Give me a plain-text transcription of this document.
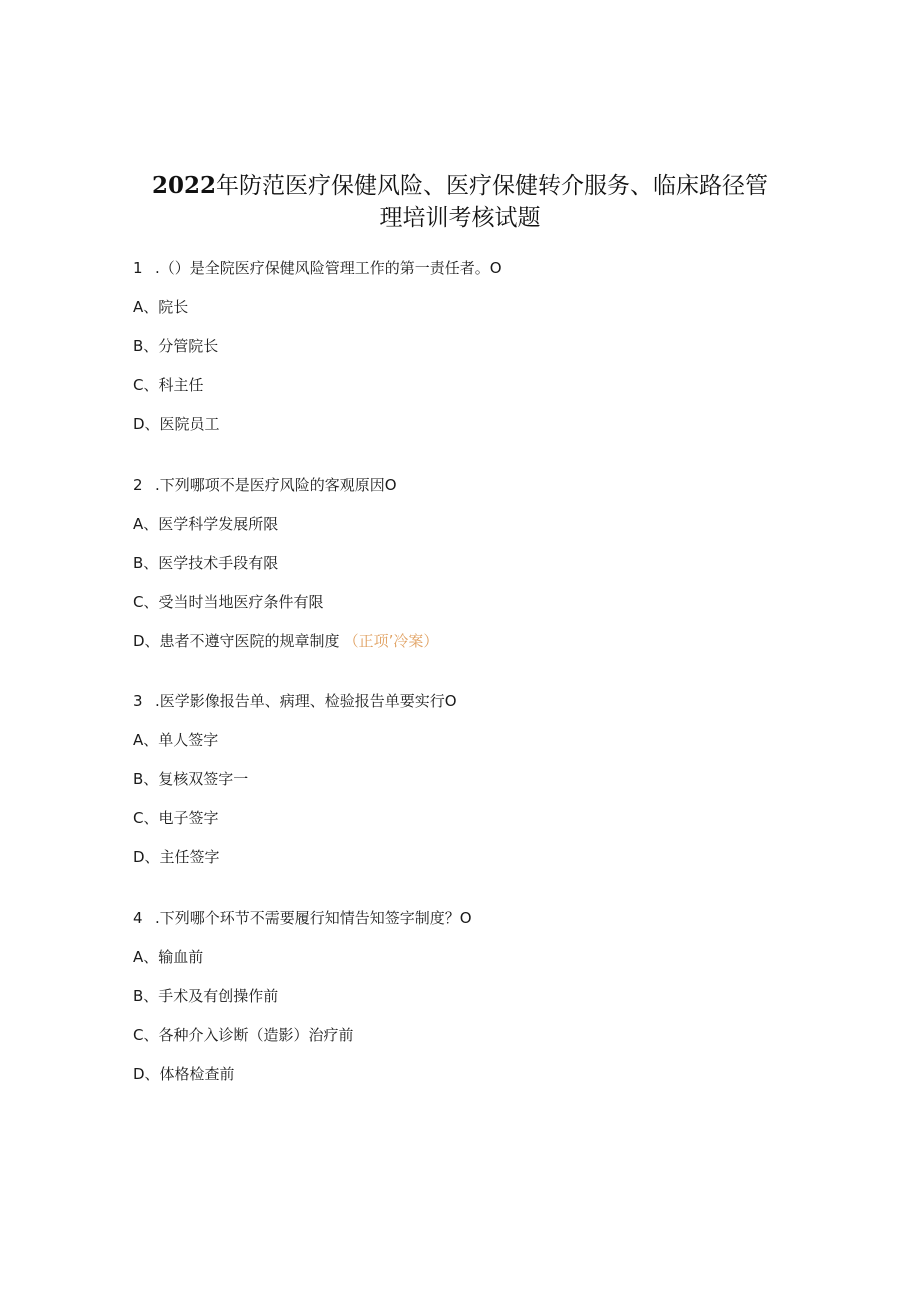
2022年防范医疗保健风险、医疗保健转介服务、临床路径管
理培训考核试题
1 .（）是全院医疗保健风险管理工作的第一责任者。O
A、院长
B、分管院长
C、科主任
D、医院员工
2 .下列哪项不是医疗风险的客观原因O
A、医学科学发展所限
B、医学技术手段有限
C、受当时当地医疗条件有限
D、患者不遵守医院的规章制度 （正项’冷案）
3 .医学影像报告单、病理、检验报告单要实行O
A、单人签字
B、复核双签字一
C、电子签字
D、主任签字
4 .下列哪个环节不需要履行知情告知签字制度？O
A、输血前
B、手术及有创操作前
C、各种介入诊断（造影）治疗前
D、体格检查前
